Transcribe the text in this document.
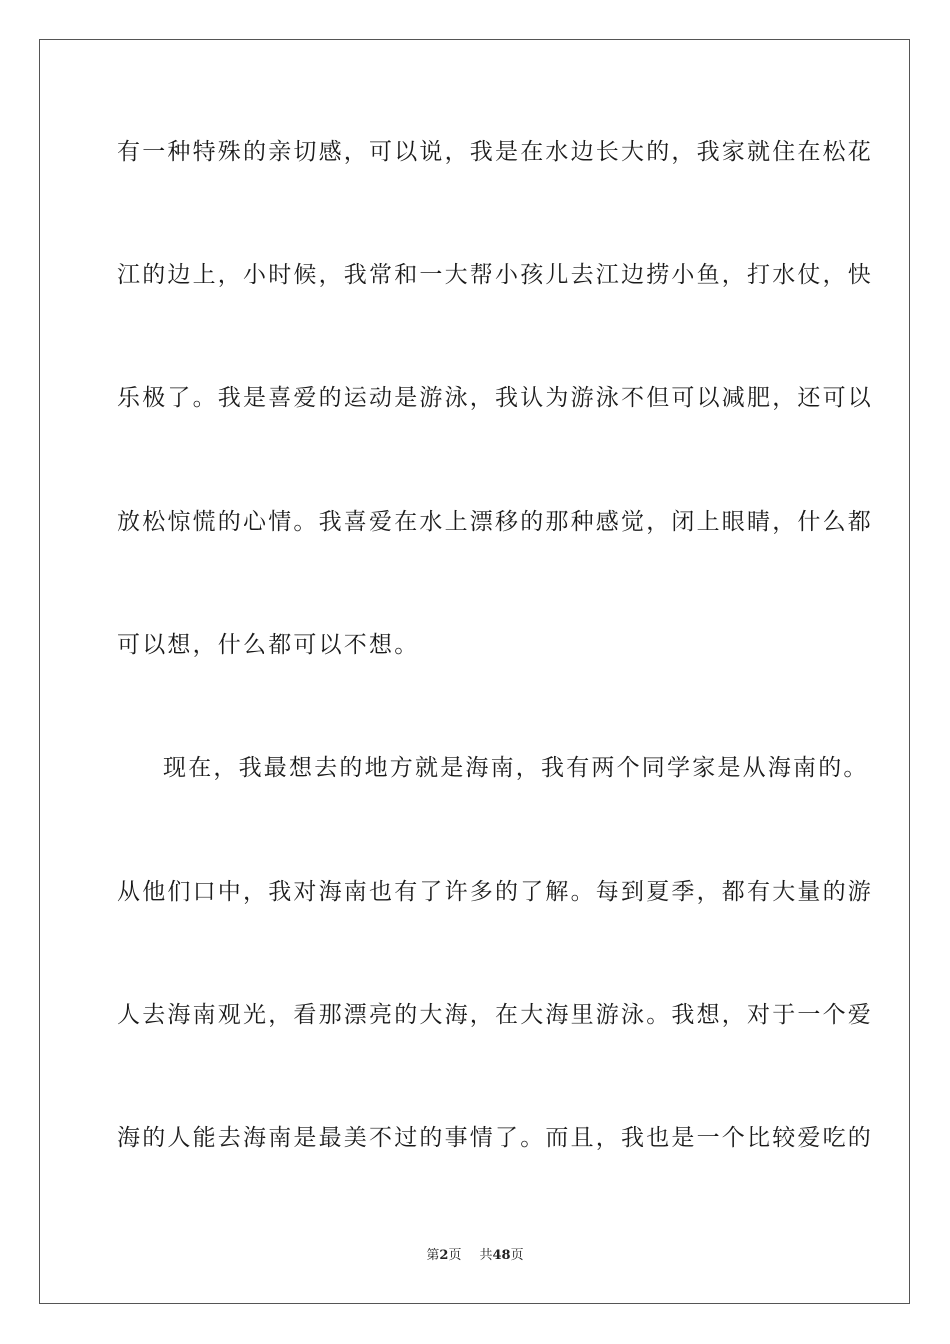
有一种特殊的亲切感，可以说，我是在水边长大的，我家就住在松花
江的边上，小时候，我常和一大帮小孩儿去江边捞小鱼，打水仗，快
乐极了。我是喜爱的运动是游泳，我认为游泳不但可以减肥，还可以
放松惊慌的心情。我喜爱在水上漂移的那种感觉，闭上眼睛，什么都
可以想，什么都可以不想。
现在，我最想去的地方就是海南，我有两个同学家是从海南的。
从他们口中，我对海南也有了许多的了解。每到夏季，都有大量的游
人去海南观光，看那漂亮的大海，在大海里游泳。我想，对于一个爱
海的人能去海南是最美不过的事情了。而且，我也是一个比较爱吃的
第2页 共48页
